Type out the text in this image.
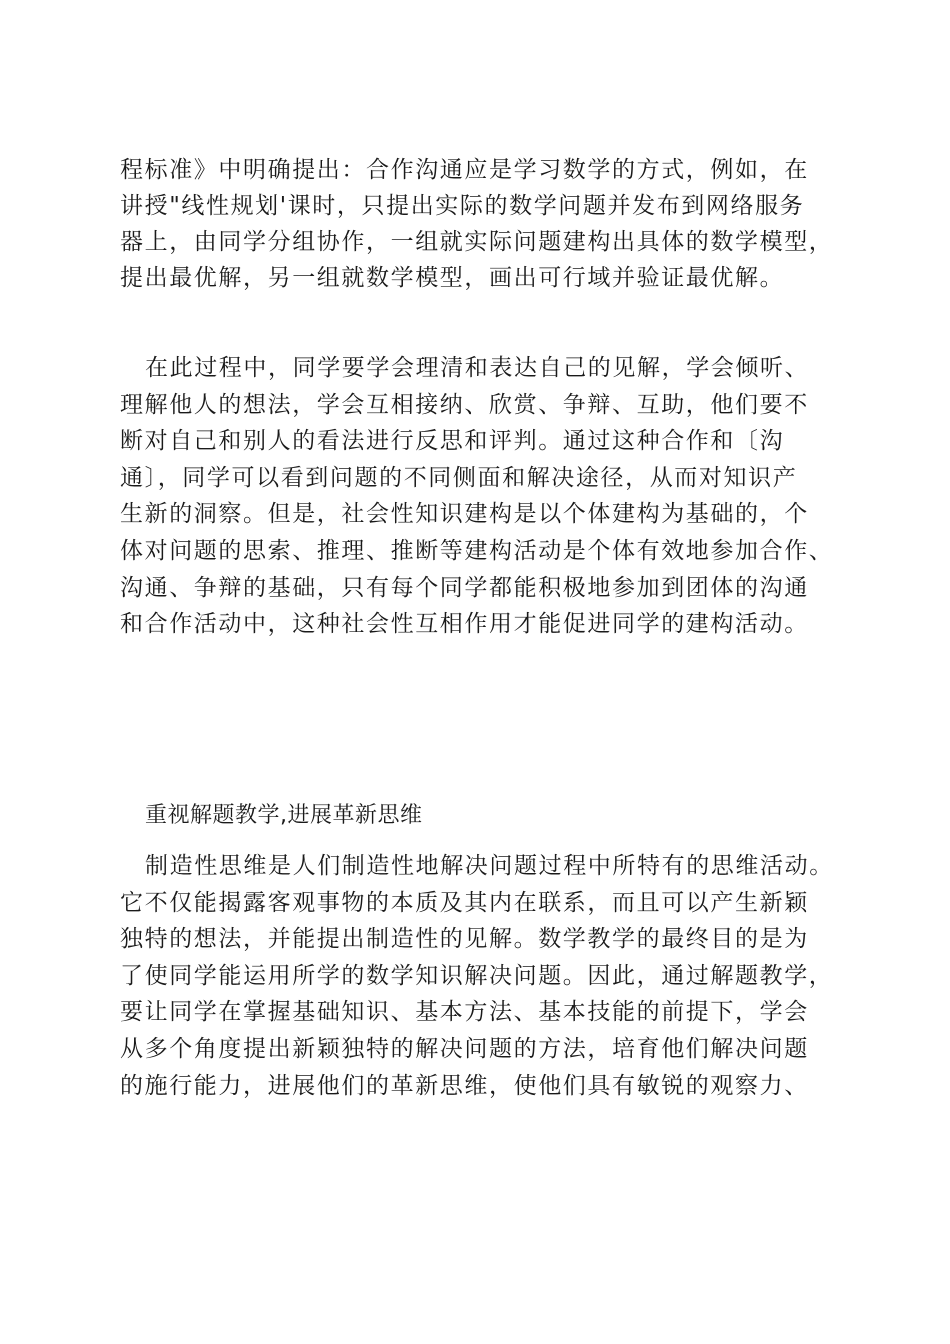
程标准》中明确提出：合作沟通应是学习数学的方式，例如，在
讲授"线性规划'课时，只提出实际的数学问题并发布到网络服务
器上，由同学分组协作，一组就实际问题建构出具体的数学模型，
提出最优解，另一组就数学模型，画出可行域并验证最优解。
在此过程中，同学要学会理清和表达自己的见解，学会倾听、
理解他人的想法，学会互相接纳、欣赏、争辩、互助，他们要不
断对自己和别人的看法进行反思和评判。通过这种合作和〔沟
通〕，同学可以看到问题的不同侧面和解决途径，从而对知识产
生新的洞察。但是，社会性知识建构是以个体建构为基础的，个
体对问题的思索、推理、推断等建构活动是个体有效地参加合作、
沟通、争辩的基础，只有每个同学都能积极地参加到团体的沟通
和合作活动中，这种社会性互相作用才能促进同学的建构活动。
重视解题教学,进展革新思维
制造性思维是人们制造性地解决问题过程中所特有的思维活动。
它不仅能揭露客观事物的本质及其内在联系，而且可以产生新颖
独特的想法，并能提出制造性的见解。数学教学的最终目的是为
了使同学能运用所学的数学知识解决问题。因此，通过解题教学，
要让同学在掌握基础知识、基本方法、基本技能的前提下，学会
从多个角度提出新颖独特的解决问题的方法，培育他们解决问题
的施行能力，进展他们的革新思维，使他们具有敏锐的观察力、
